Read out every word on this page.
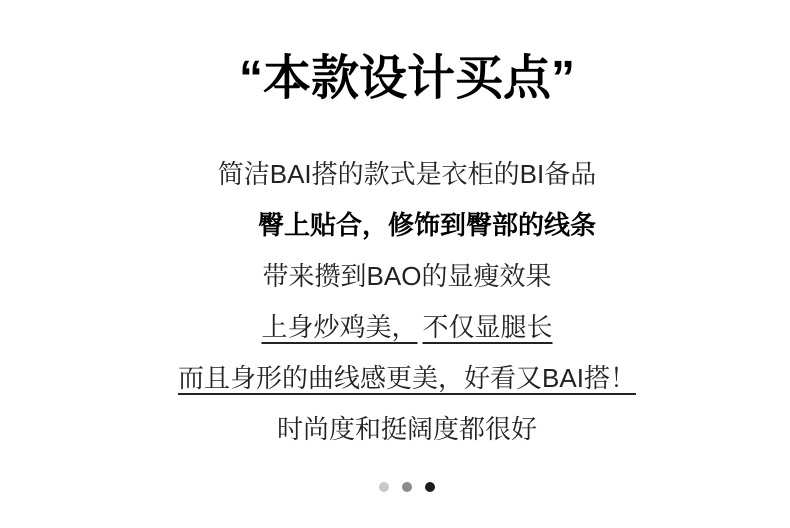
“本款设计买点”
简洁BAI搭的款式是衣柜的BI备品
臀上贴合，修饰到臀部的线条
带来攒到BAO的显瘦效果
上身炒鸡美， 不仅显腿长
而且身形的曲线感更美，好看又BAI搭！
时尚度和挺阔度都很好
